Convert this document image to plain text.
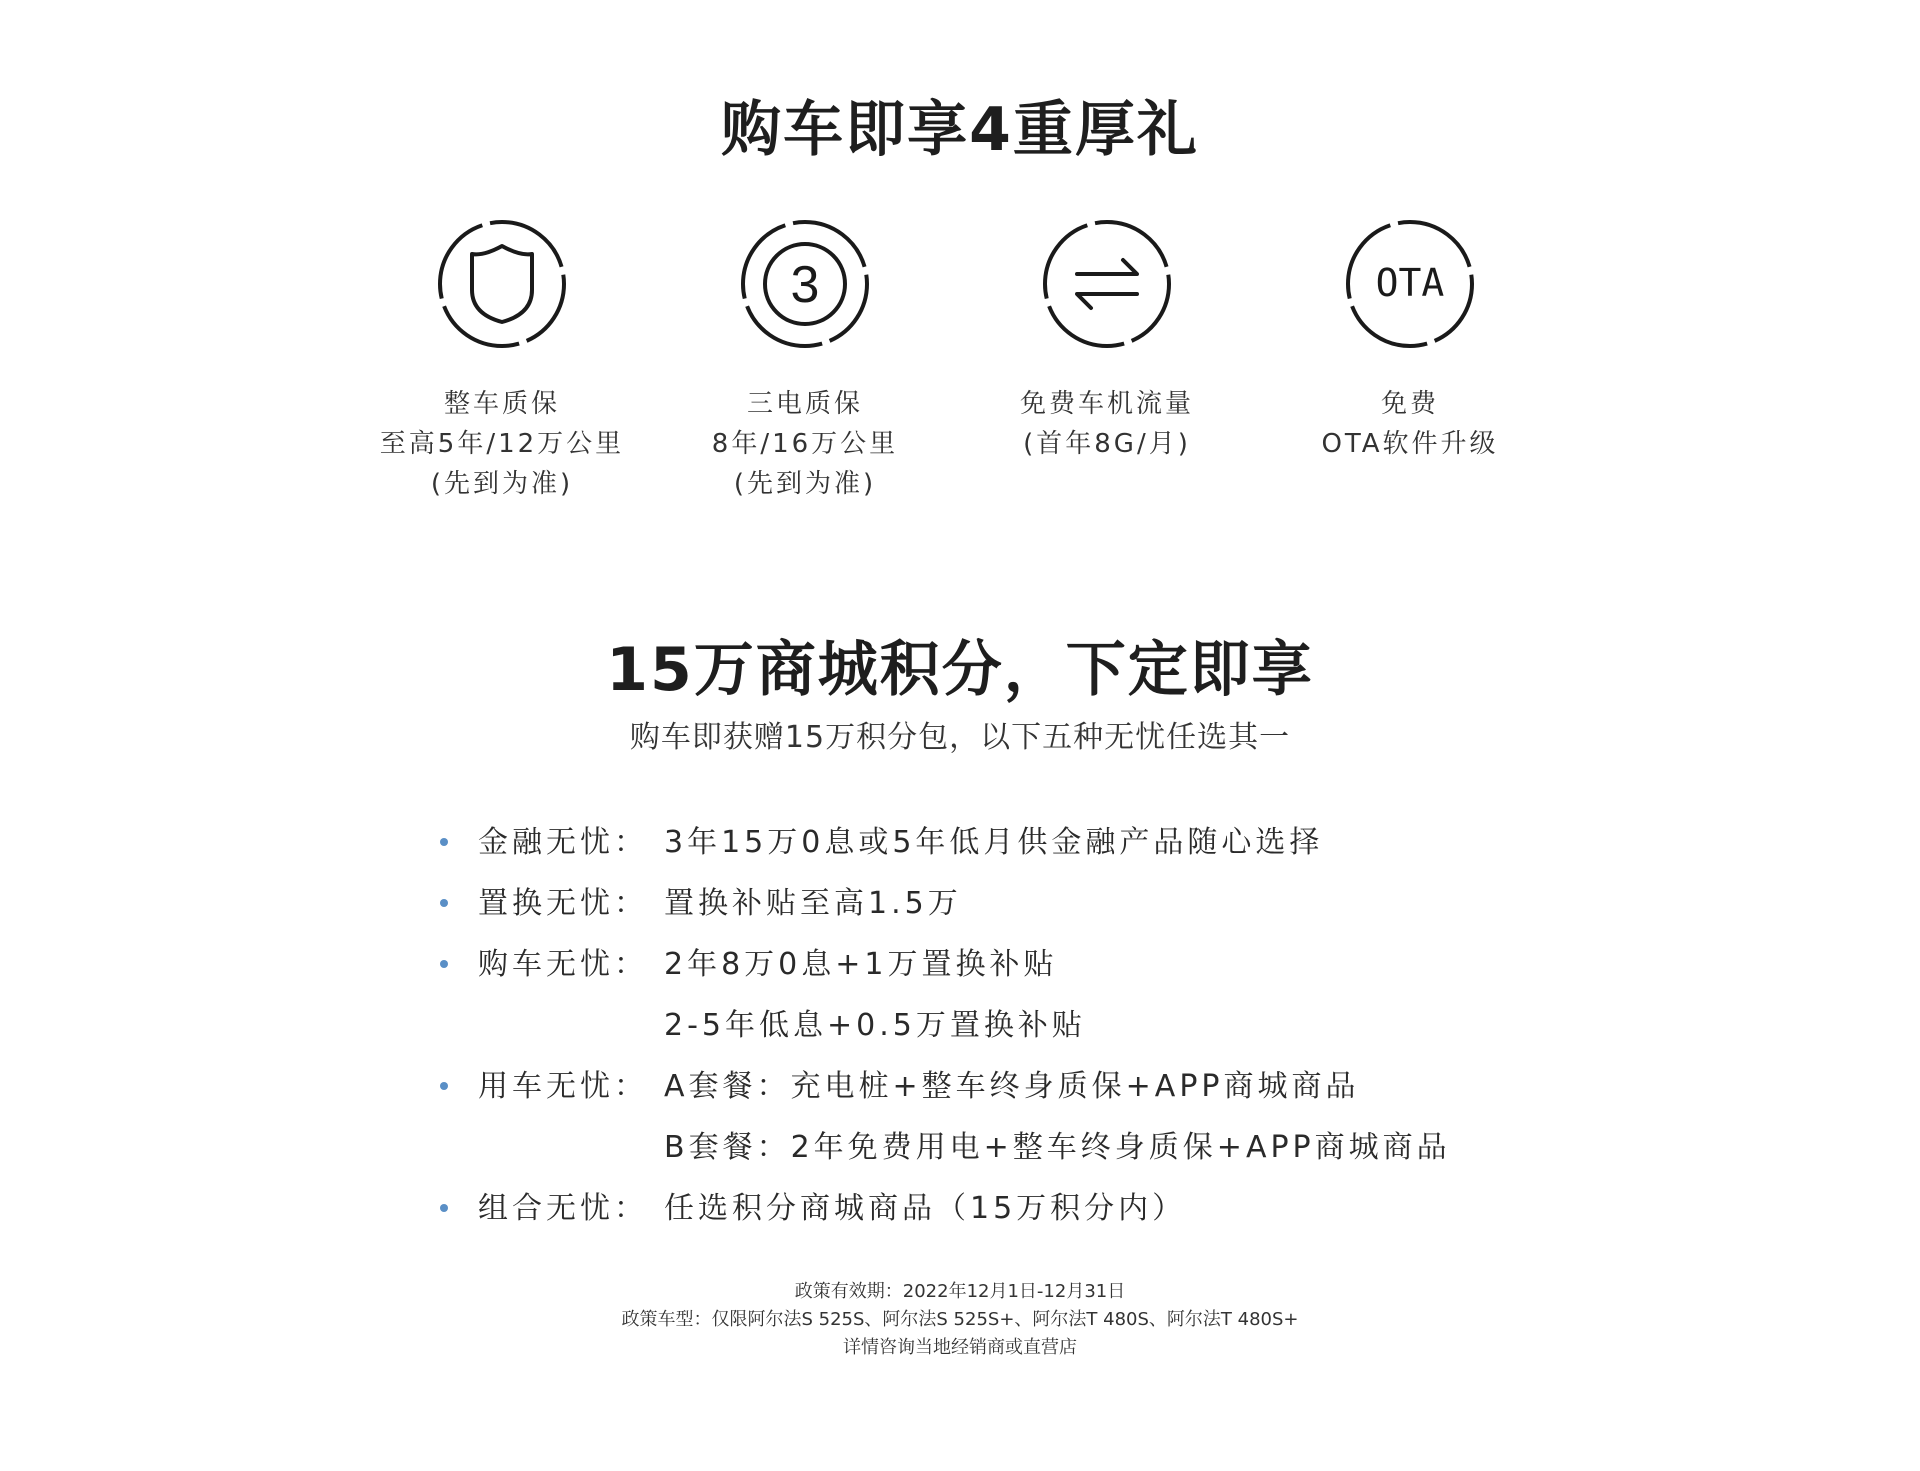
购车即享4重厚礼
整车质保
至高5年/12万公里
(先到为准)
3
三电质保
8年/16万公里
(先到为准)
免费车机流量
(首年8G/月)
OTA
免费
OTA软件升级
15万商城积分，下定即享
购车即获赠15万积分包，以下五种无忧任选其一
金融无忧： 3年15万0息或5年低月供金融产品随心选择
置换无忧： 置换补贴至高1.5万
购车无忧： 2年8万0息+1万置换补贴
2-5年低息+0.5万置换补贴
用车无忧： A套餐：充电桩+整车终身质保+APP商城商品
B套餐：2年免费用电+整车终身质保+APP商城商品
组合无忧： 任选积分商城商品（15万积分内）
政策有效期：2022年12月1日-12月31日
政策车型：仅限阿尔法S 525S、阿尔法S 525S+、阿尔法T 480S、阿尔法T 480S+
详情咨询当地经销商或直营店
